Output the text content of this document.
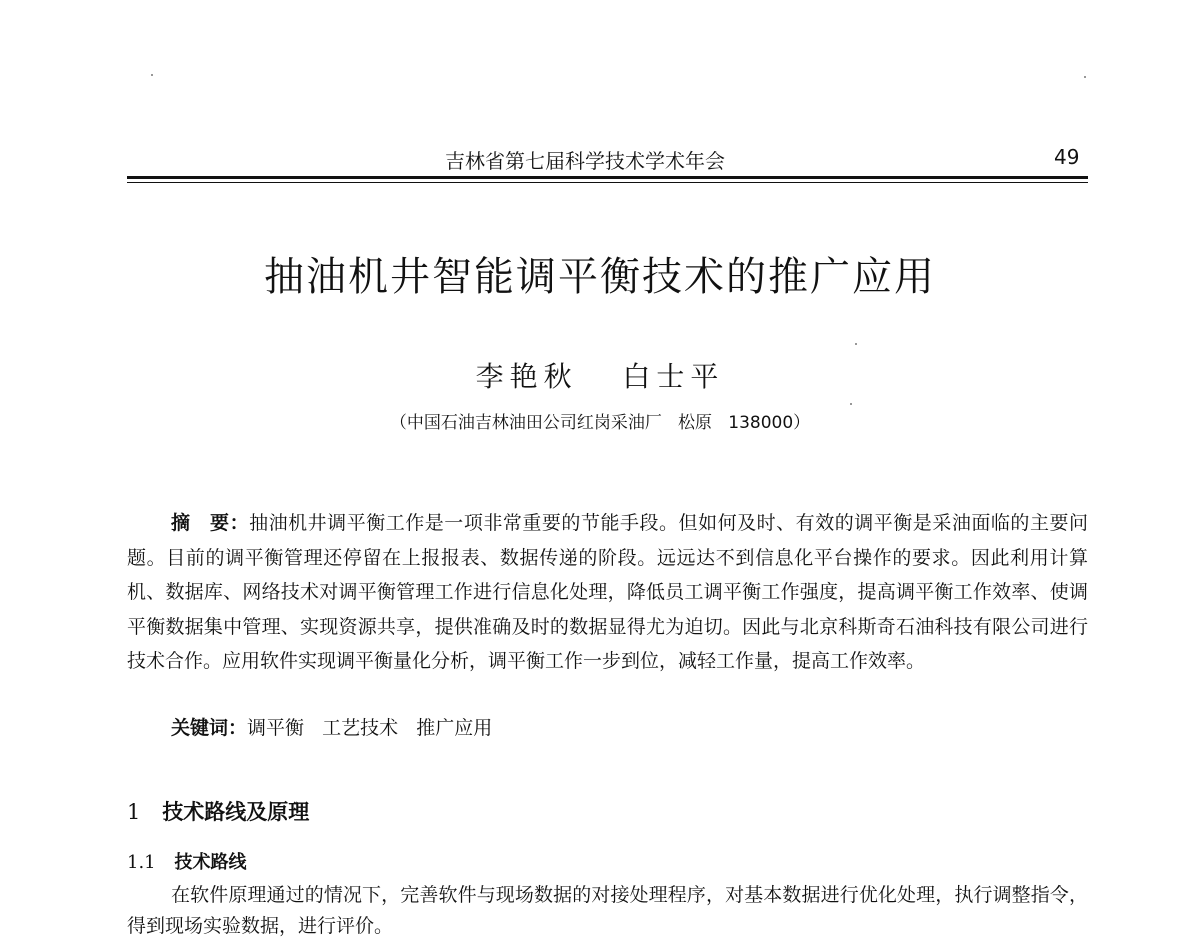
吉林省第七届科学技术学术年会	49
抽油机井智能调平衡技术的推广应用
李艳秋   白士平
（中国石油吉林油田公司红岗采油厂   松原   138000）
摘　要：抽油机井调平衡工作是一项非常重要的节能手段。但如何及时、有效的调平衡是采油面临的主要问题。目前的调平衡管理还停留在上报报表、数据传递的阶段。远远达不到信息化平台操作的要求。因此利用计算机、数据库、网络技术对调平衡管理工作进行信息化处理，降低员工调平衡工作强度，提高调平衡工作效率、使调平衡数据集中管理、实现资源共享，提供准确及时的数据显得尤为迫切。因此与北京科斯奇石油科技有限公司进行技术合作。应用软件实现调平衡量化分析，调平衡工作一步到位，减轻工作量，提高工作效率。
关键词：调平衡   工艺技术   推广应用
1 技术路线及原理
1.1 技术路线
在软件原理通过的情况下，完善软件与现场数据的对接处理程序，对基本数据进行优化处理，执行调整指令，得到现场实验数据，进行评价。
